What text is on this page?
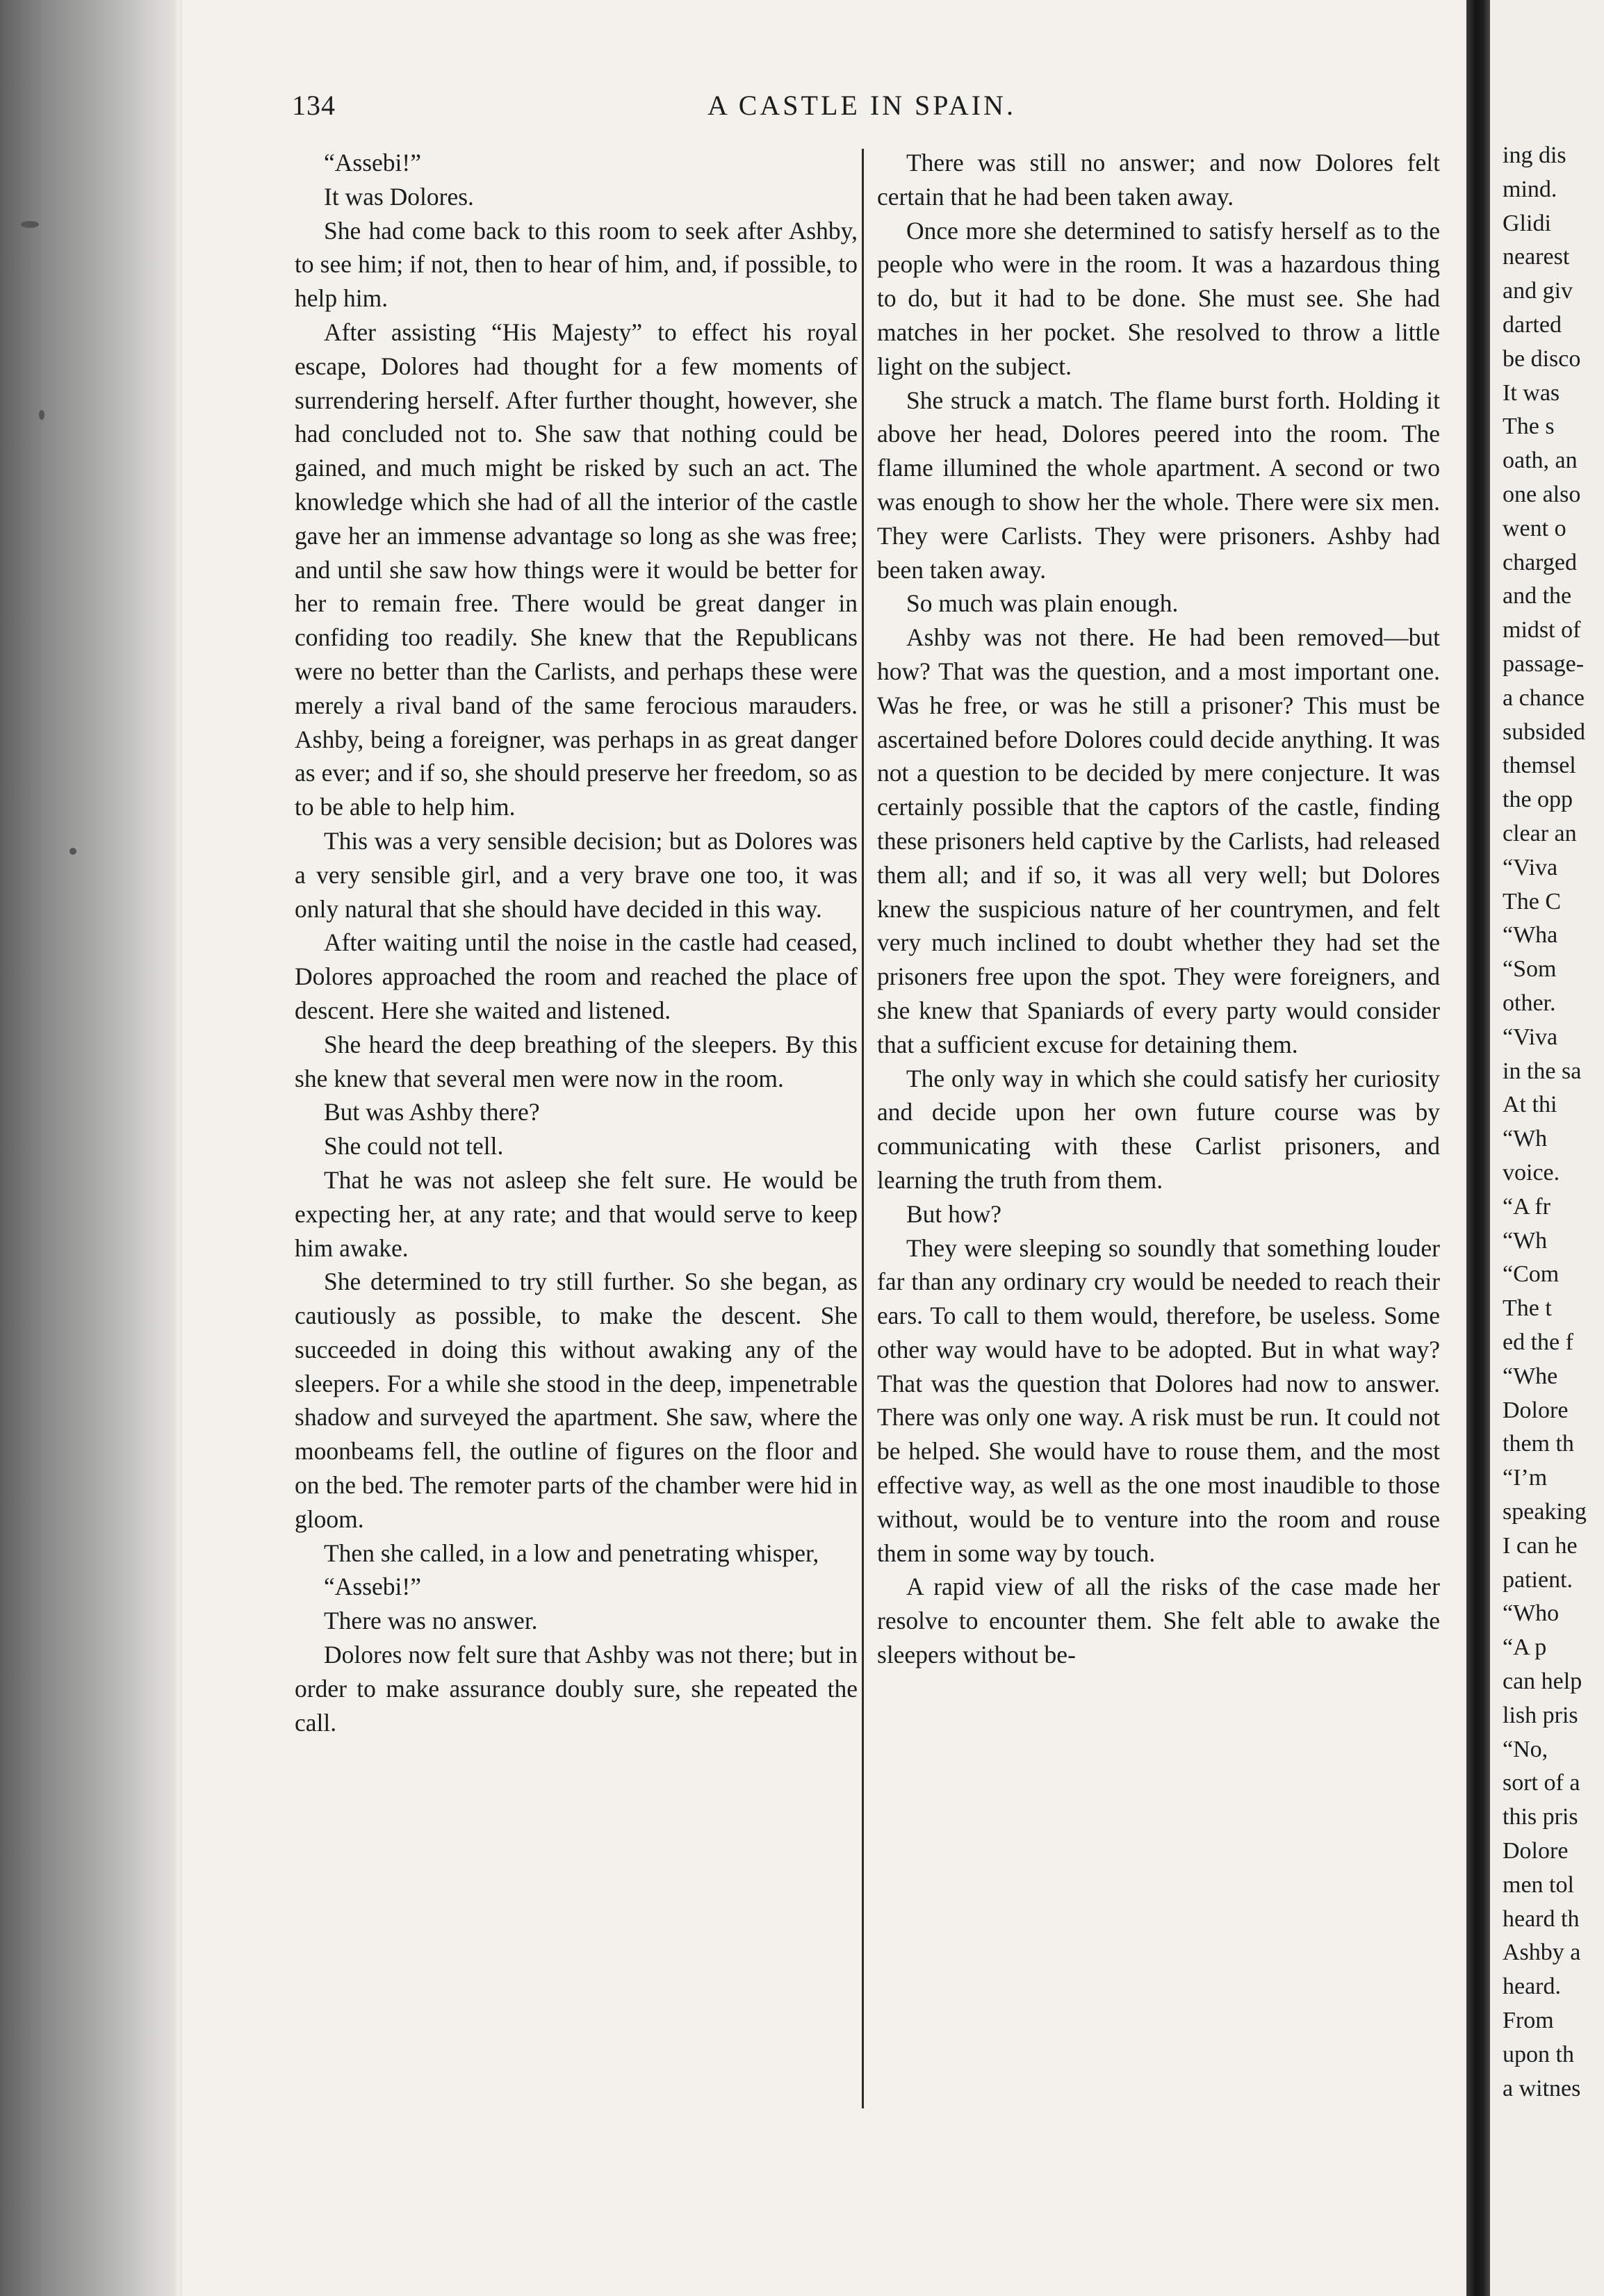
134	A CASTLE IN SPAIN.

“Assebi!”

It was Dolores.

She had come back to this room to seek after Ashby, to see him; if not, then to hear of him, and, if possible, to help him.

After assisting “His Majesty” to effect his royal escape, Dolores had thought for a few moments of surrendering herself. After further thought, however, she had concluded not to. She saw that nothing could be gained, and much might be risked by such an act. The knowledge which she had of all the interior of the castle gave her an immense advantage so long as she was free; and until she saw how things were it would be better for her to remain free. There would be great danger in confiding too readily. She knew that the Republicans were no better than the Carlists, and perhaps these were merely a rival band of the same ferocious marauders. Ashby, being a foreigner, was perhaps in as great danger as ever; and if so, she should preserve her freedom, so as to be able to help him.

This was a very sensible decision; but as Dolores was a very sensible girl, and a very brave one too, it was only natural that she should have decided in this way.

After waiting until the noise in the castle had ceased, Dolores approached the room and reached the place of descent. Here she waited and listened.

She heard the deep breathing of the sleepers. By this she knew that several men were now in the room.

But was Ashby there?

She could not tell.

That he was not asleep she felt sure. He would be expecting her, at any rate; and that would serve to keep him awake.

She determined to try still further. So she began, as cautiously as possible, to make the descent. She succeeded in doing this without awaking any of the sleepers. For a while she stood in the deep, impenetrable shadow and surveyed the apartment. She saw, where the moonbeams fell, the outline of figures on the floor and on the bed. The remoter parts of the chamber were hid in gloom.

Then she called, in a low and penetrating whisper,

“Assebi!”

There was no answer.

Dolores now felt sure that Ashby was not there; but in order to make assurance doubly sure, she repeated the call.

There was still no answer; and now Dolores felt certain that he had been taken away.

Once more she determined to satisfy herself as to the people who were in the room. It was a hazardous thing to do, but it had to be done. She must see. She had matches in her pocket. She resolved to throw a little light on the subject.

She struck a match. The flame burst forth. Holding it above her head, Dolores peered into the room. The flame illumined the whole apartment. A second or two was enough to show her the whole. There were six men. They were Carlists. They were prisoners. Ashby had been taken away.

So much was plain enough.

Ashby was not there. He had been removed—but how? That was the question, and a most important one. Was he free, or was he still a prisoner? This must be ascertained before Dolores could decide anything. It was not a question to be decided by mere conjecture. It was certainly possible that the captors of the castle, finding these prisoners held captive by the Carlists, had released them all; and if so, it was all very well; but Dolores knew the suspicious nature of her countrymen, and felt very much inclined to doubt whether they had set the prisoners free upon the spot. They were foreigners, and she knew that Spaniards of every party would consider that a sufficient excuse for detaining them.

The only way in which she could satisfy her curiosity and decide upon her own future course was by communicating with these Carlist prisoners, and learning the truth from them.

But how?

They were sleeping so soundly that something louder far than any ordinary cry would be needed to reach their ears. To call to them would, therefore, be useless. Some other way would have to be adopted. But in what way? That was the question that Dolores had now to answer. There was only one way. A risk must be run. It could not be helped. She would have to rouse them, and the most effective way, as well as the one most inaudible to those without, would be to venture into the room and rouse them in some way by touch.

A rapid view of all the risks of the case made her resolve to encounter them. She felt able to awake the sleepers without be-

ing dis

mind.

Glidi

nearest

and giv

darted

be disco

It was

The s

oath, an

one also

went o

charged

and the

midst of

passage-

a chance

subsided

themsel

the opp

clear an

“Viva

The C

“Wha

“Som

other.

“Viva

in the sa

At thi

“Wh

voice.

“A fr

“Wh

“Com

The t

ed the f

“Whe

Dolore

them th

“I’m

speaking

I can he

patient.

“Who

“A p

can help

lish pris

“No,

sort of a

this pris

Dolore

men tol

heard th

Ashby a

heard.

From

upon th

a witnes
